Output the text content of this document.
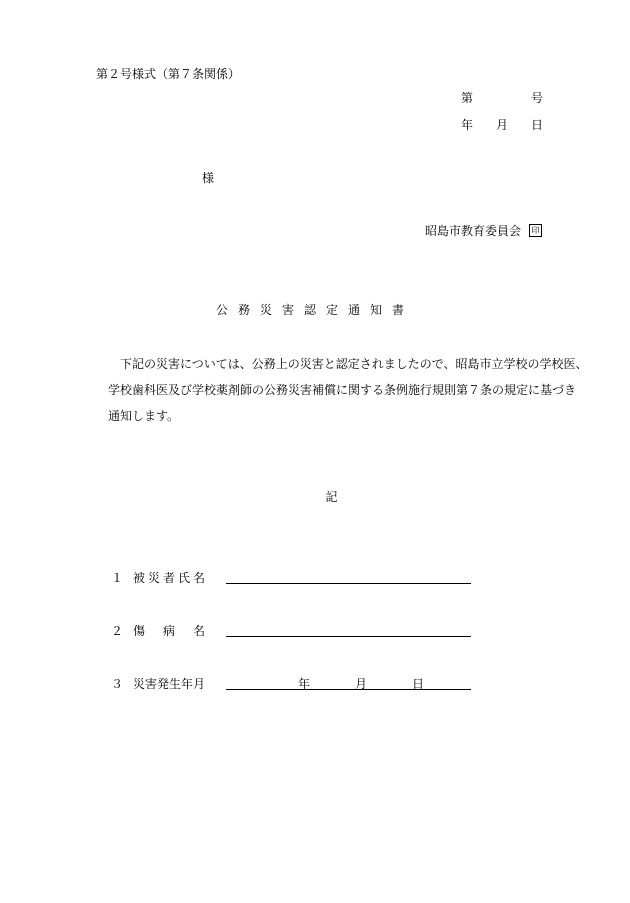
第２号様式（第７条関係）
第	号
年 月 日
様
昭島市教育委員会 印
公務災害認定通知書
下記の災害については、公務上の災害と認定されましたので、昭島市立学校の学校医、
学校歯科医及び学校薬剤師の公務災害補償に関する条例施行規則第７条の規定に基づき
通知します。
記
１ 被災者氏名
２ 傷 病 名
３ 災害発生年月	年	月	日
